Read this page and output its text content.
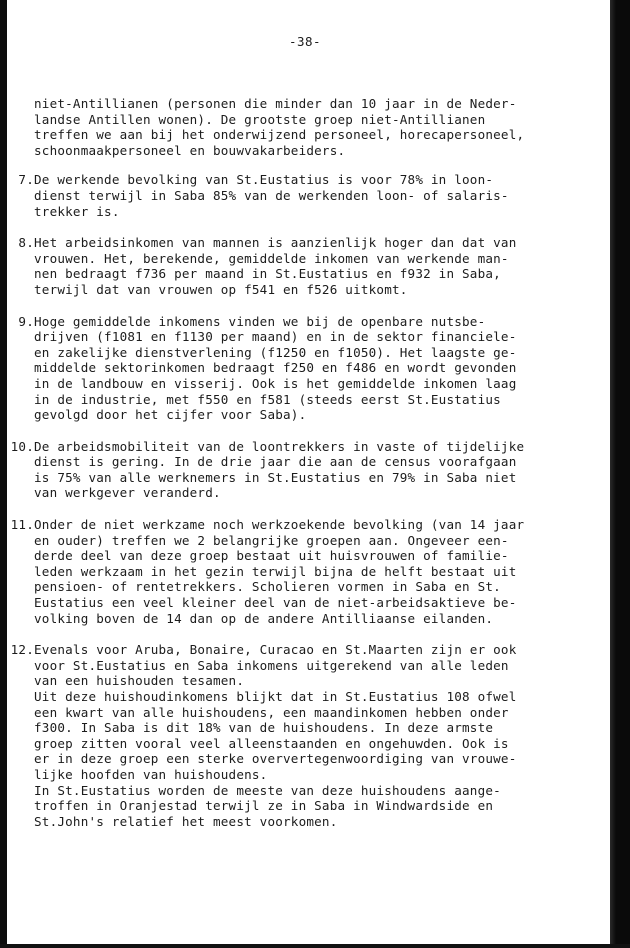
-38-
niet-Antillianen (personen die minder dan 10 jaar in de Neder-
landse Antillen wonen). De grootste groep niet-Antillianen
treffen we aan bij het onderwijzend personeel, horecapersoneel,
schoonmaakpersoneel en bouwvakarbeiders.
7. De werkende bevolking van St.Eustatius is voor 78% in loon-
dienst terwijl in Saba 85% van de werkenden loon- of salaris-
trekker is.
8. Het arbeidsinkomen van mannen is aanzienlijk hoger dan dat van
vrouwen. Het, berekende, gemiddelde inkomen van werkende man-
nen bedraagt f736 per maand in St.Eustatius en f932 in Saba,
terwijl dat van vrouwen op f541 en f526 uitkomt.
9. Hoge gemiddelde inkomens vinden we bij de openbare nutsbe-
drijven (f1081 en f1130 per maand) en in de sektor financiele-
en zakelijke dienstverlening (f1250 en f1050). Het laagste ge-
middelde sektorinkomen bedraagt f250 en f486 en wordt gevonden
in de landbouw en visserij. Ook is het gemiddelde inkomen laag
in de industrie, met f550 en f581 (steeds eerst St.Eustatius
gevolgd door het cijfer voor Saba).
10. De arbeidsmobiliteit van de loontrekkers in vaste of tijdelijke
dienst is gering. In de drie jaar die aan de census voorafgaan
is 75% van alle werknemers in St.Eustatius en 79% in Saba niet
van werkgever veranderd.
11. Onder de niet werkzame noch werkzoekende bevolking (van 14 jaar
en ouder) treffen we 2 belangrijke groepen aan. Ongeveer een-
derde deel van deze groep bestaat uit huisvrouwen of familie-
leden werkzaam in het gezin terwijl bijna de helft bestaat uit
pensioen- of rentetrekkers. Scholieren vormen in Saba en St.
Eustatius een veel kleiner deel van de niet-arbeidsaktieve be-
volking boven de 14 dan op de andere Antilliaanse eilanden.
12. Evenals voor Aruba, Bonaire, Curacao en St.Maarten zijn er ook
voor St.Eustatius en Saba inkomens uitgerekend van alle leden
van een huishouden tesamen.
Uit deze huishoudinkomens blijkt dat in St.Eustatius 108 ofwel
een kwart van alle huishoudens, een maandinkomen hebben onder
f300. In Saba is dit 18% van de huishoudens. In deze armste
groep zitten vooral veel alleenstaanden en ongehuwden. Ook is
er in deze groep een sterke oververtegenwoordiging van vrouwe-
lijke hoofden van huishoudens.
In St.Eustatius worden de meeste van deze huishoudens aange-
troffen in Oranjestad terwijl ze in Saba in Windwardside en
St.John's relatief het meest voorkomen.
